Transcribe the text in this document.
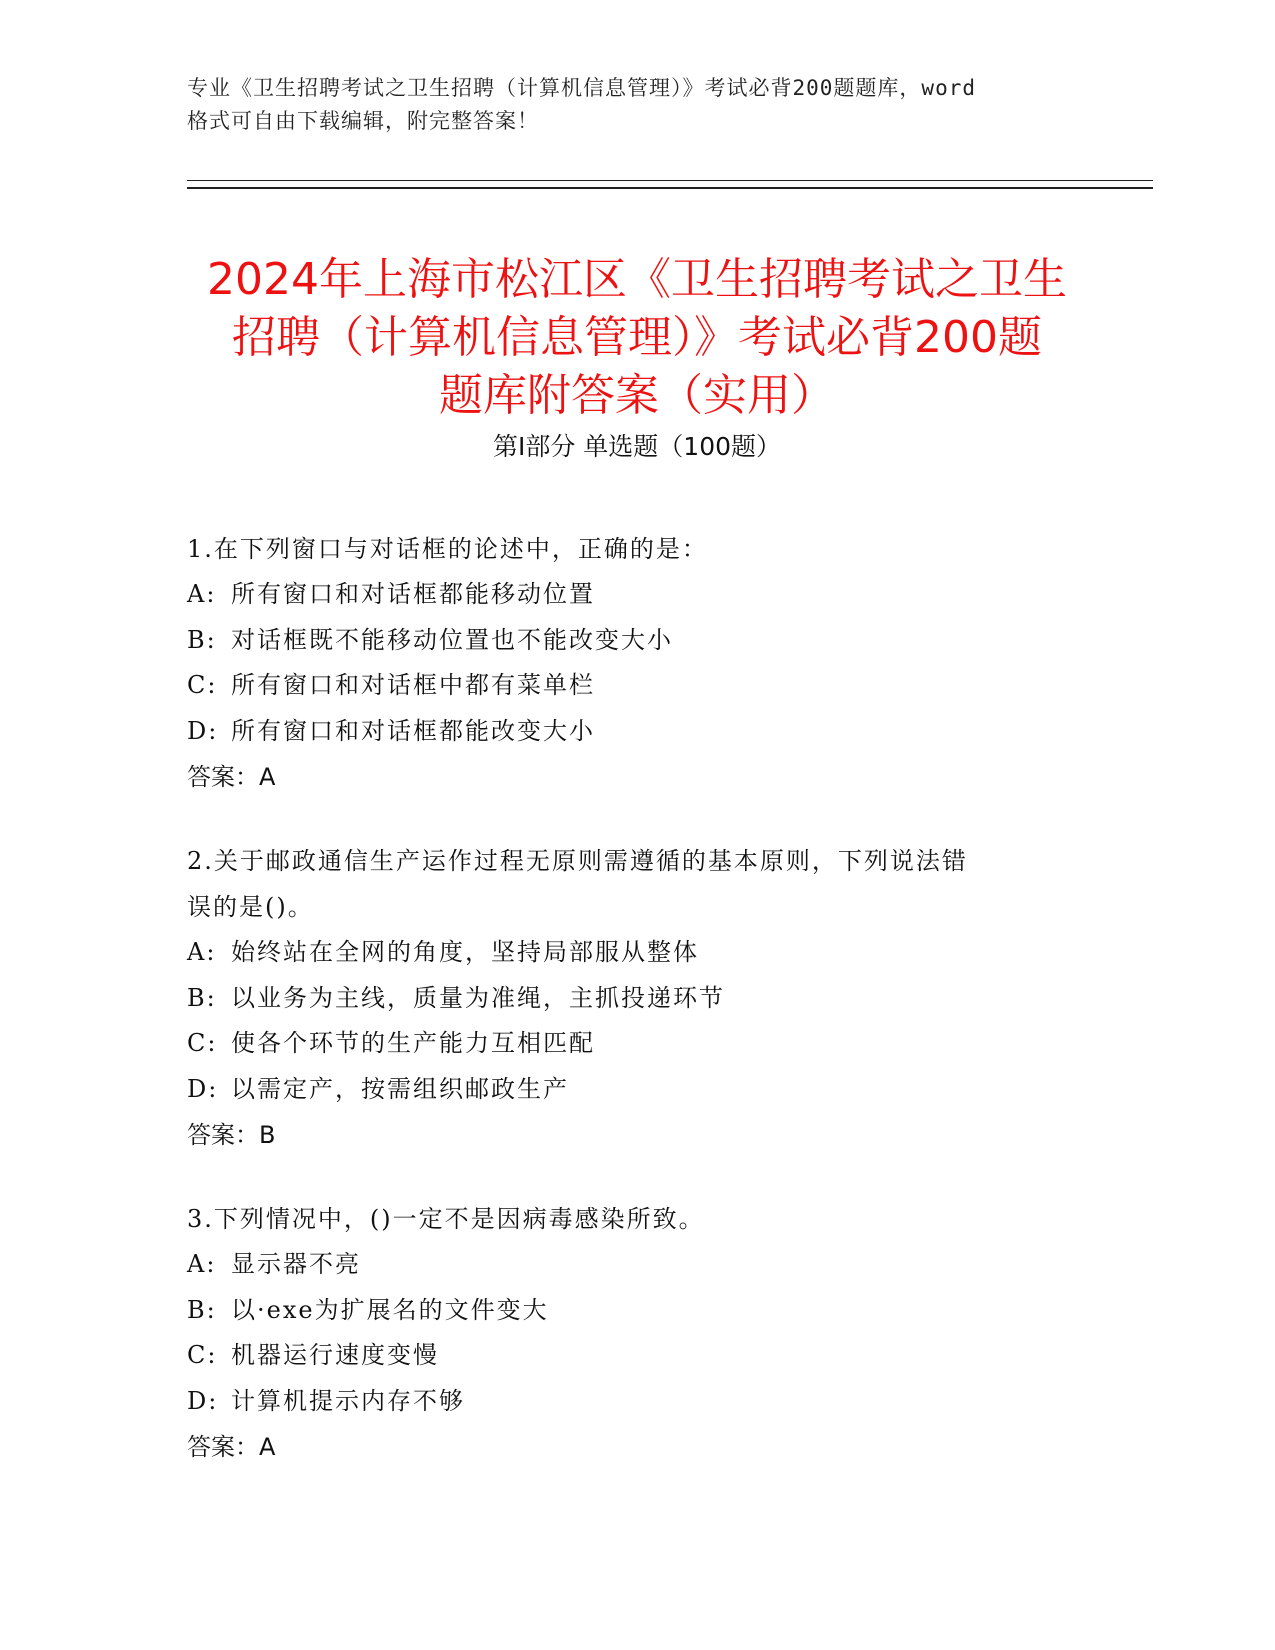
专业《卫生招聘考试之卫生招聘（计算机信息管理）》考试必背200题题库，word
格式可自由下载编辑，附完整答案！
2024年上海市松江区《卫生招聘考试之卫生
招聘（计算机信息管理）》考试必背200题
题库附答案（实用）
第Ⅰ部分 单选题（100题）

1.在下列窗口与对话框的论述中，正确的是：

A: 所有窗口和对话框都能移动位置

B: 对话框既不能移动位置也不能改变大小

C: 所有窗口和对话框中都有菜单栏

D: 所有窗口和对话框都能改变大小

答案：A

2.关于邮政通信生产运作过程无原则需遵循的基本原则，下列说法错

误的是()。

A: 始终站在全网的角度，坚持局部服从整体

B: 以业务为主线，质量为准绳，主抓投递环节

C: 使各个环节的生产能力互相匹配

D: 以需定产，按需组织邮政生产

答案：B

3.下列情况中，()一定不是因病毒感染所致。

A: 显示器不亮

B: 以·exe为扩展名的文件变大

C: 机器运行速度变慢

D: 计算机提示内存不够

答案：A
